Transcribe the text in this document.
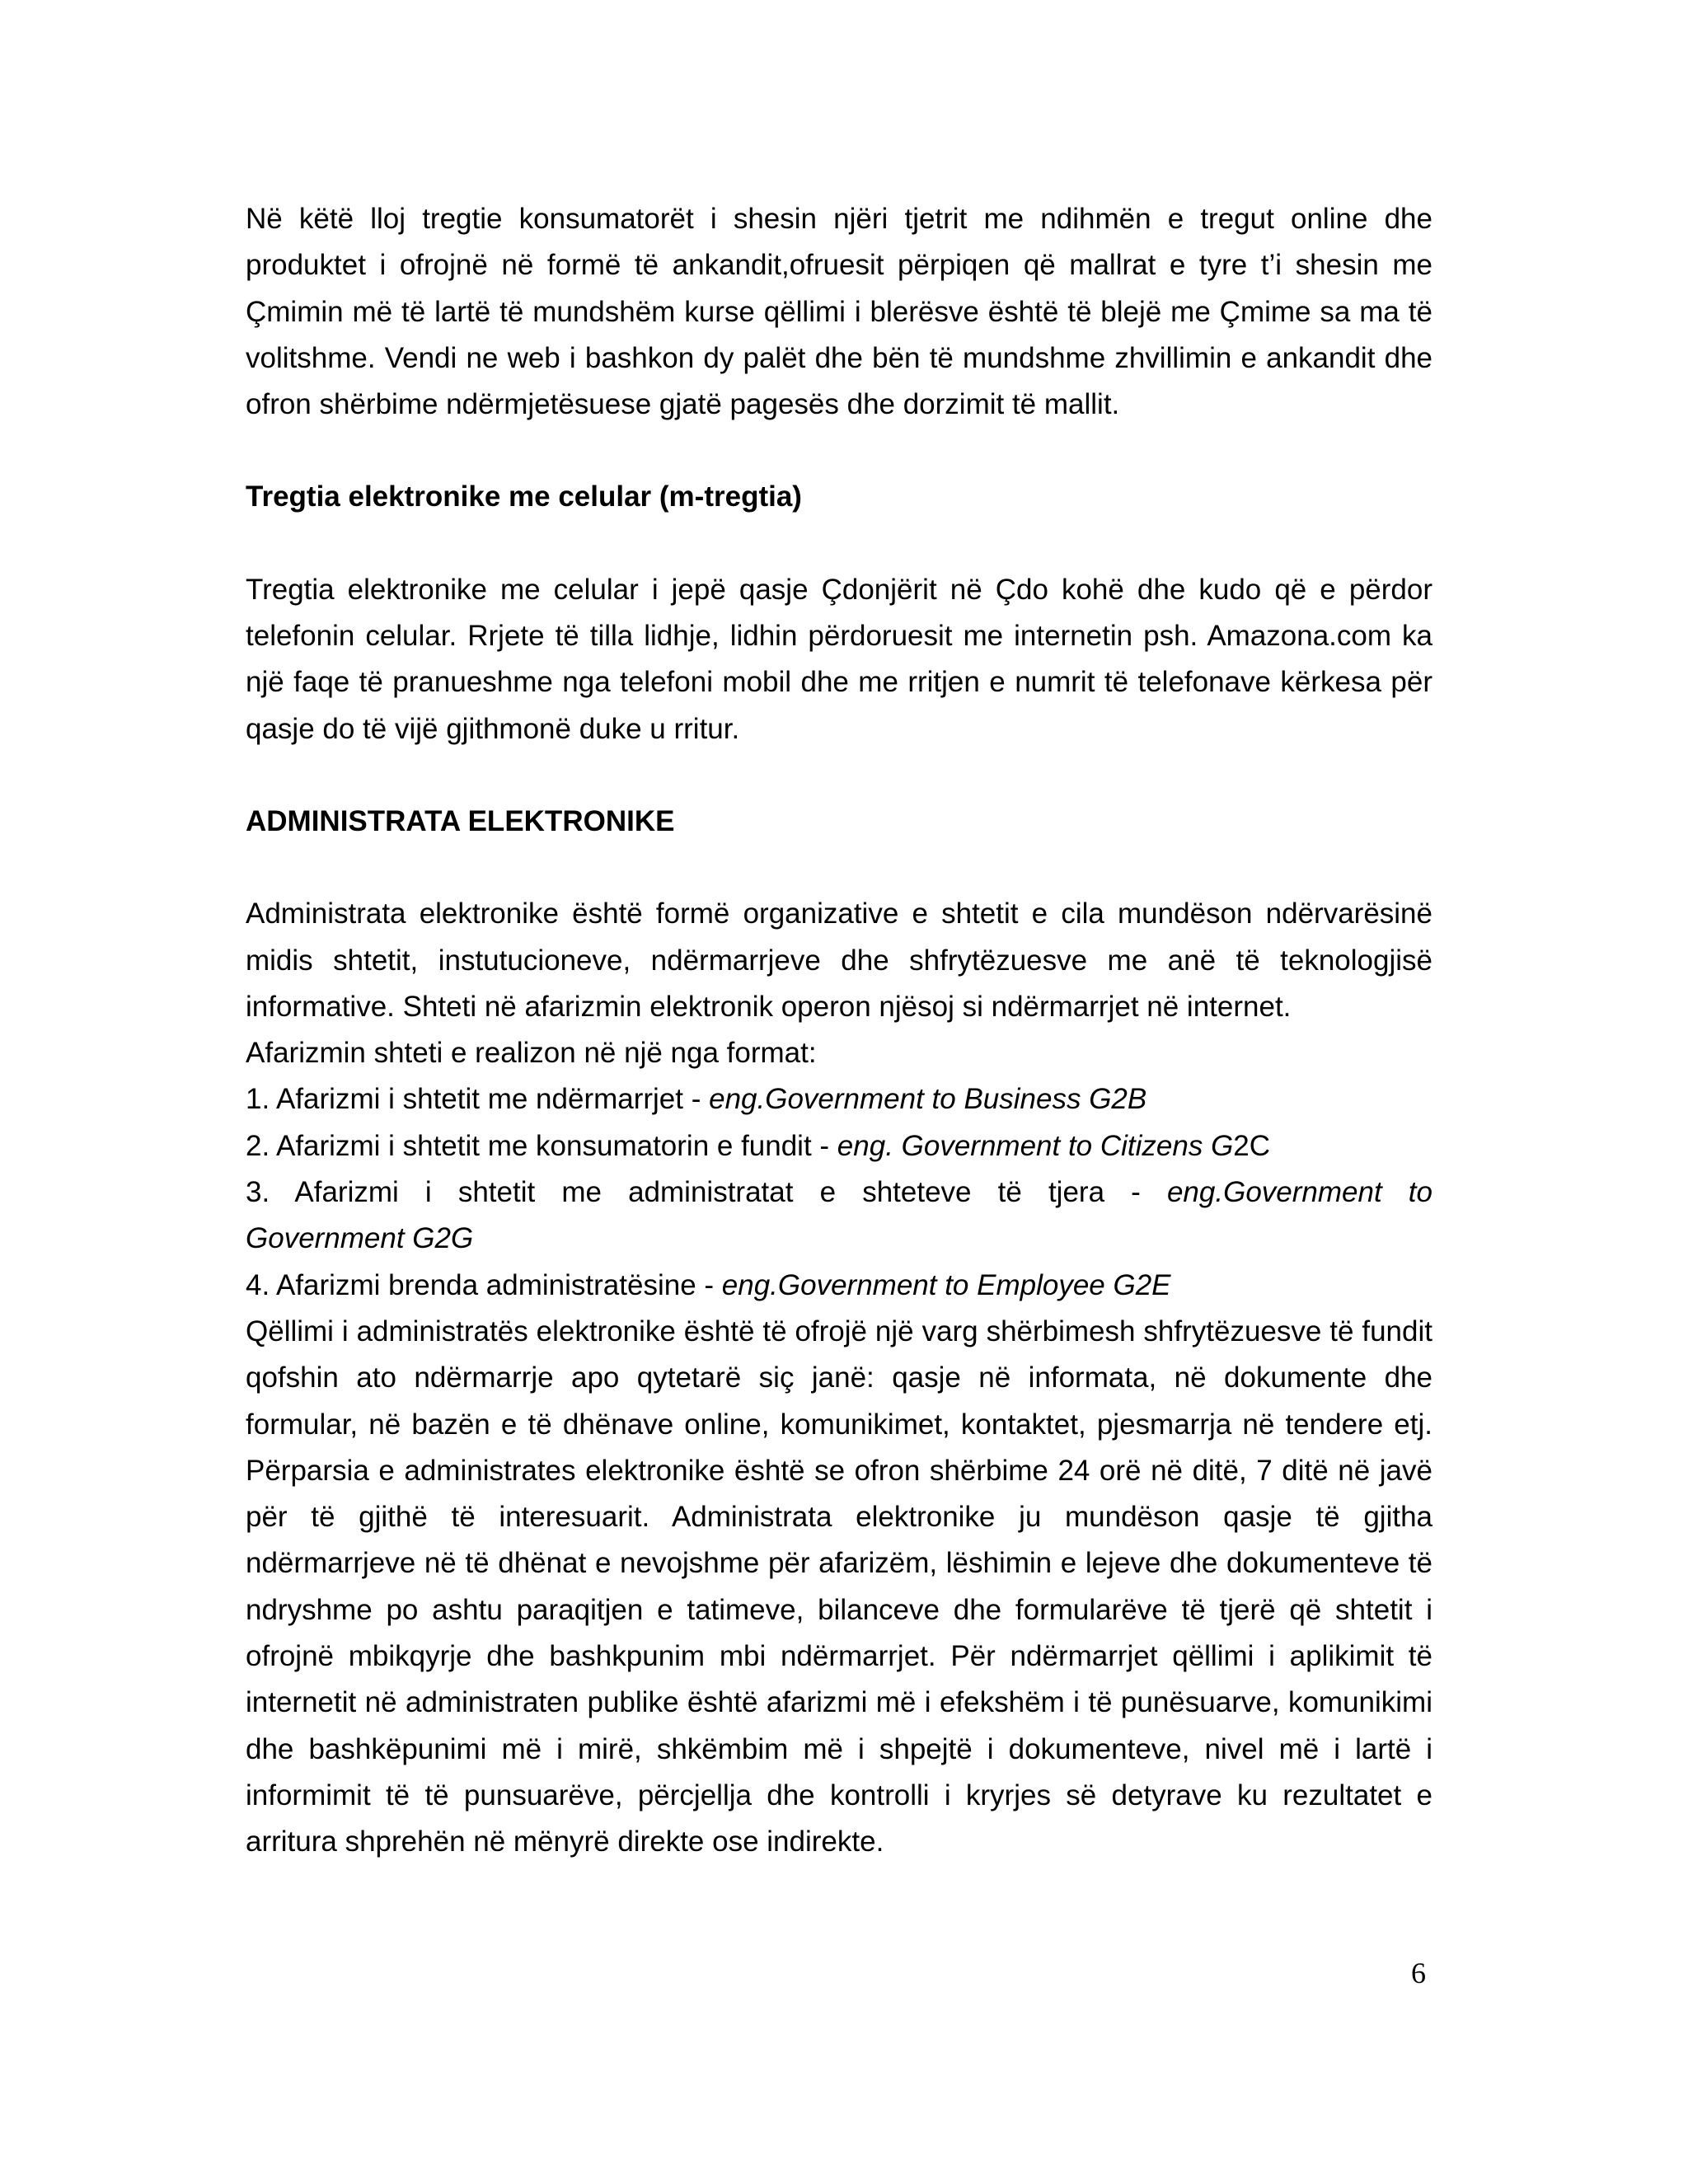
Në këtë lloj tregtie konsumatorët i shesin njëri tjetrit me ndihmën e tregut online dhe produktet i ofrojnë në formë të ankandit,ofruesit përpiqen që mallrat e tyre t’i shesin me Çmimin më të lartë të mundshëm kurse qëllimi i blerësve është të blejë me Çmime sa ma të volitshme. Vendi ne web i bashkon dy palët dhe bën të mundshme zhvillimin e ankandit dhe ofron shërbime ndërmjetësuese gjatë pagesës dhe dorzimit të mallit.

Tregtia elektronike me celular (m-tregtia)

Tregtia elektronike me celular i jepë qasje Çdonjërit në Çdo kohë dhe kudo që e përdor telefonin celular. Rrjete të tilla lidhje, lidhin përdoruesit me internetin psh. Amazona.com ka një faqe të pranueshme nga telefoni mobil dhe me rritjen e numrit të telefonave kërkesa për qasje do të vijë gjithmonë duke u rritur.

ADMINISTRATA ELEKTRONIKE

Administrata elektronike është formë organizative e shtetit e cila mundëson ndërvarësinë midis shtetit, instutucioneve, ndërmarrjeve dhe shfrytëzuesve me anë të teknologjisë informative. Shteti në afarizmin elektronik operon njësoj si ndërmarrjet në internet.

Afarizmin shteti e realizon në një nga format:

1. Afarizmi i shtetit me ndërmarrjet - eng.Government to Business G2B

2. Afarizmi i shtetit me konsumatorin e fundit - eng. Government to Citizens G2C

3. Afarizmi i shtetit me administratat e shteteve të tjera - eng.Government to

Government G2G

4. Afarizmi brenda administratësine - eng.Government to Employee G2E

Qëllimi i administratës elektronike është të ofrojë një varg shërbimesh shfrytëzuesve të fundit qofshin ato ndërmarrje apo qytetarë siç janë: qasje në informata, në dokumente dhe formular, në bazën e të dhënave online, komunikimet, kontaktet, pjesmarrja në tendere etj. Përparsia e administrates elektronike është se ofron shërbime 24 orë në ditë, 7 ditë në javë për të gjithë të interesuarit. Administrata elektronike ju mundëson qasje të gjitha ndërmarrjeve në të dhënat e nevojshme për afarizëm, lëshimin e lejeve dhe dokumenteve të ndryshme po ashtu paraqitjen e tatimeve, bilanceve dhe formularëve të tjerë që shtetit i ofrojnë mbikqyrje dhe bashkpunim mbi ndërmarrjet. Për ndërmarrjet qëllimi i aplikimit të internetit në administraten publike është afarizmi më i efekshëm i të punësuarve, komunikimi dhe bashkëpunimi më i mirë, shkëmbim më i shpejtë i dokumenteve, nivel më i lartë i informimit të të punsuarëve, përcjellja dhe kontrolli i kryrjes së detyrave ku rezultatet e arritura shprehën në mënyrë direkte ose indirekte.

6
